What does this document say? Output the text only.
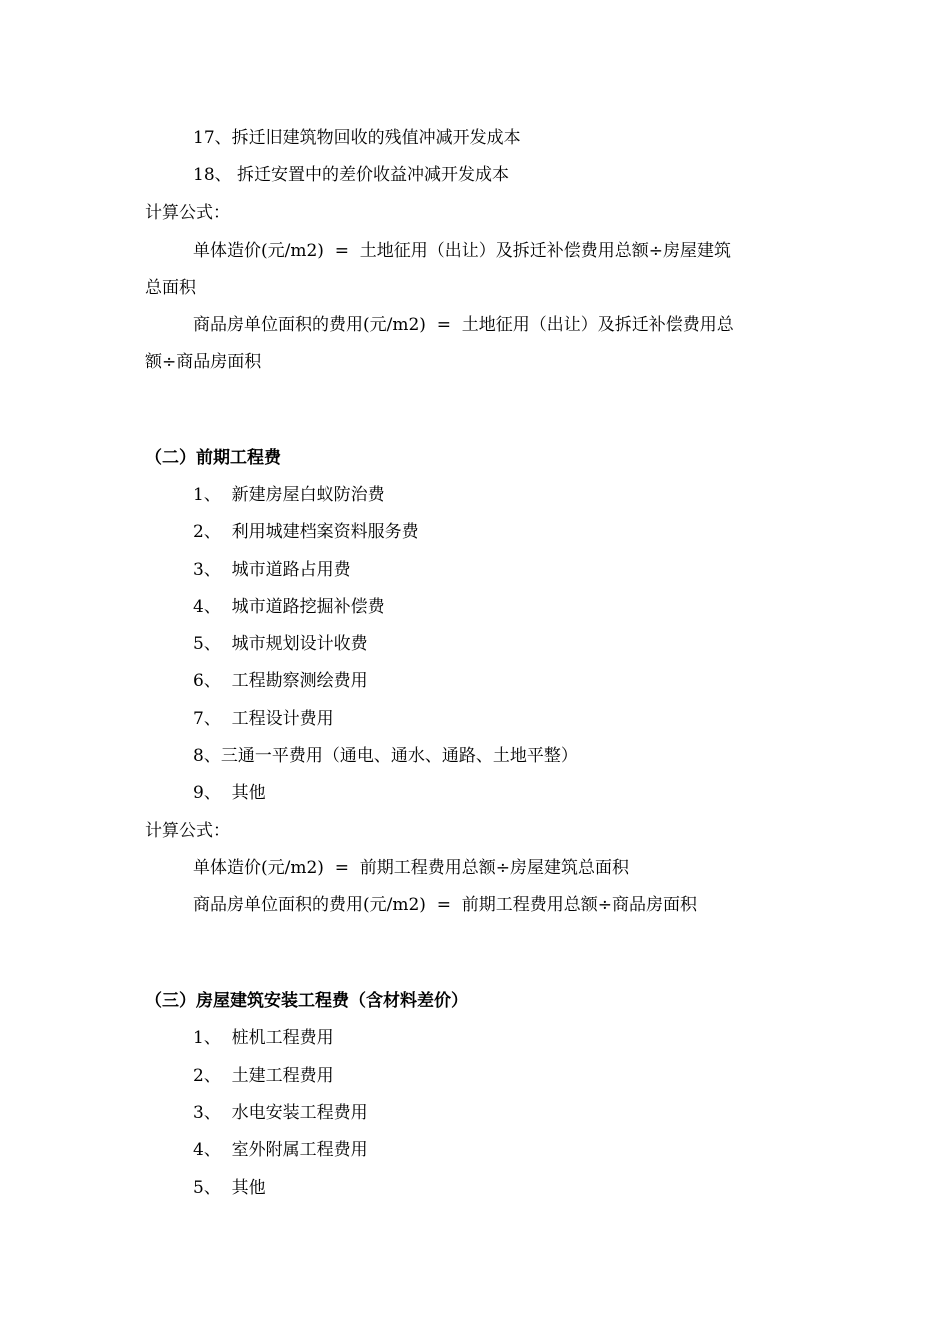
17、拆迁旧建筑物回收的残值冲减开发成本
18、 拆迁安置中的差价收益冲减开发成本
计算公式：
单体造价(元/m2)  =  土地征用（出让）及拆迁补偿费用总额÷房屋建筑
总面积
商品房单位面积的费用(元/m2)  =  土地征用（出让）及拆迁补偿费用总
额÷商品房面积
（二）前期工程费
1、  新建房屋白蚁防治费
2、  利用城建档案资料服务费
3、  城市道路占用费
4、  城市道路挖掘补偿费
5、  城市规划设计收费
6、  工程勘察测绘费用
7、  工程设计费用
8、三通一平费用（通电、通水、通路、土地平整）
9、  其他
计算公式：
单体造价(元/m2)  =  前期工程费用总额÷房屋建筑总面积
商品房单位面积的费用(元/m2)  =  前期工程费用总额÷商品房面积
（三）房屋建筑安装工程费（含材料差价）
1、  桩机工程费用
2、  土建工程费用
3、  水电安装工程费用
4、  室外附属工程费用
5、  其他
